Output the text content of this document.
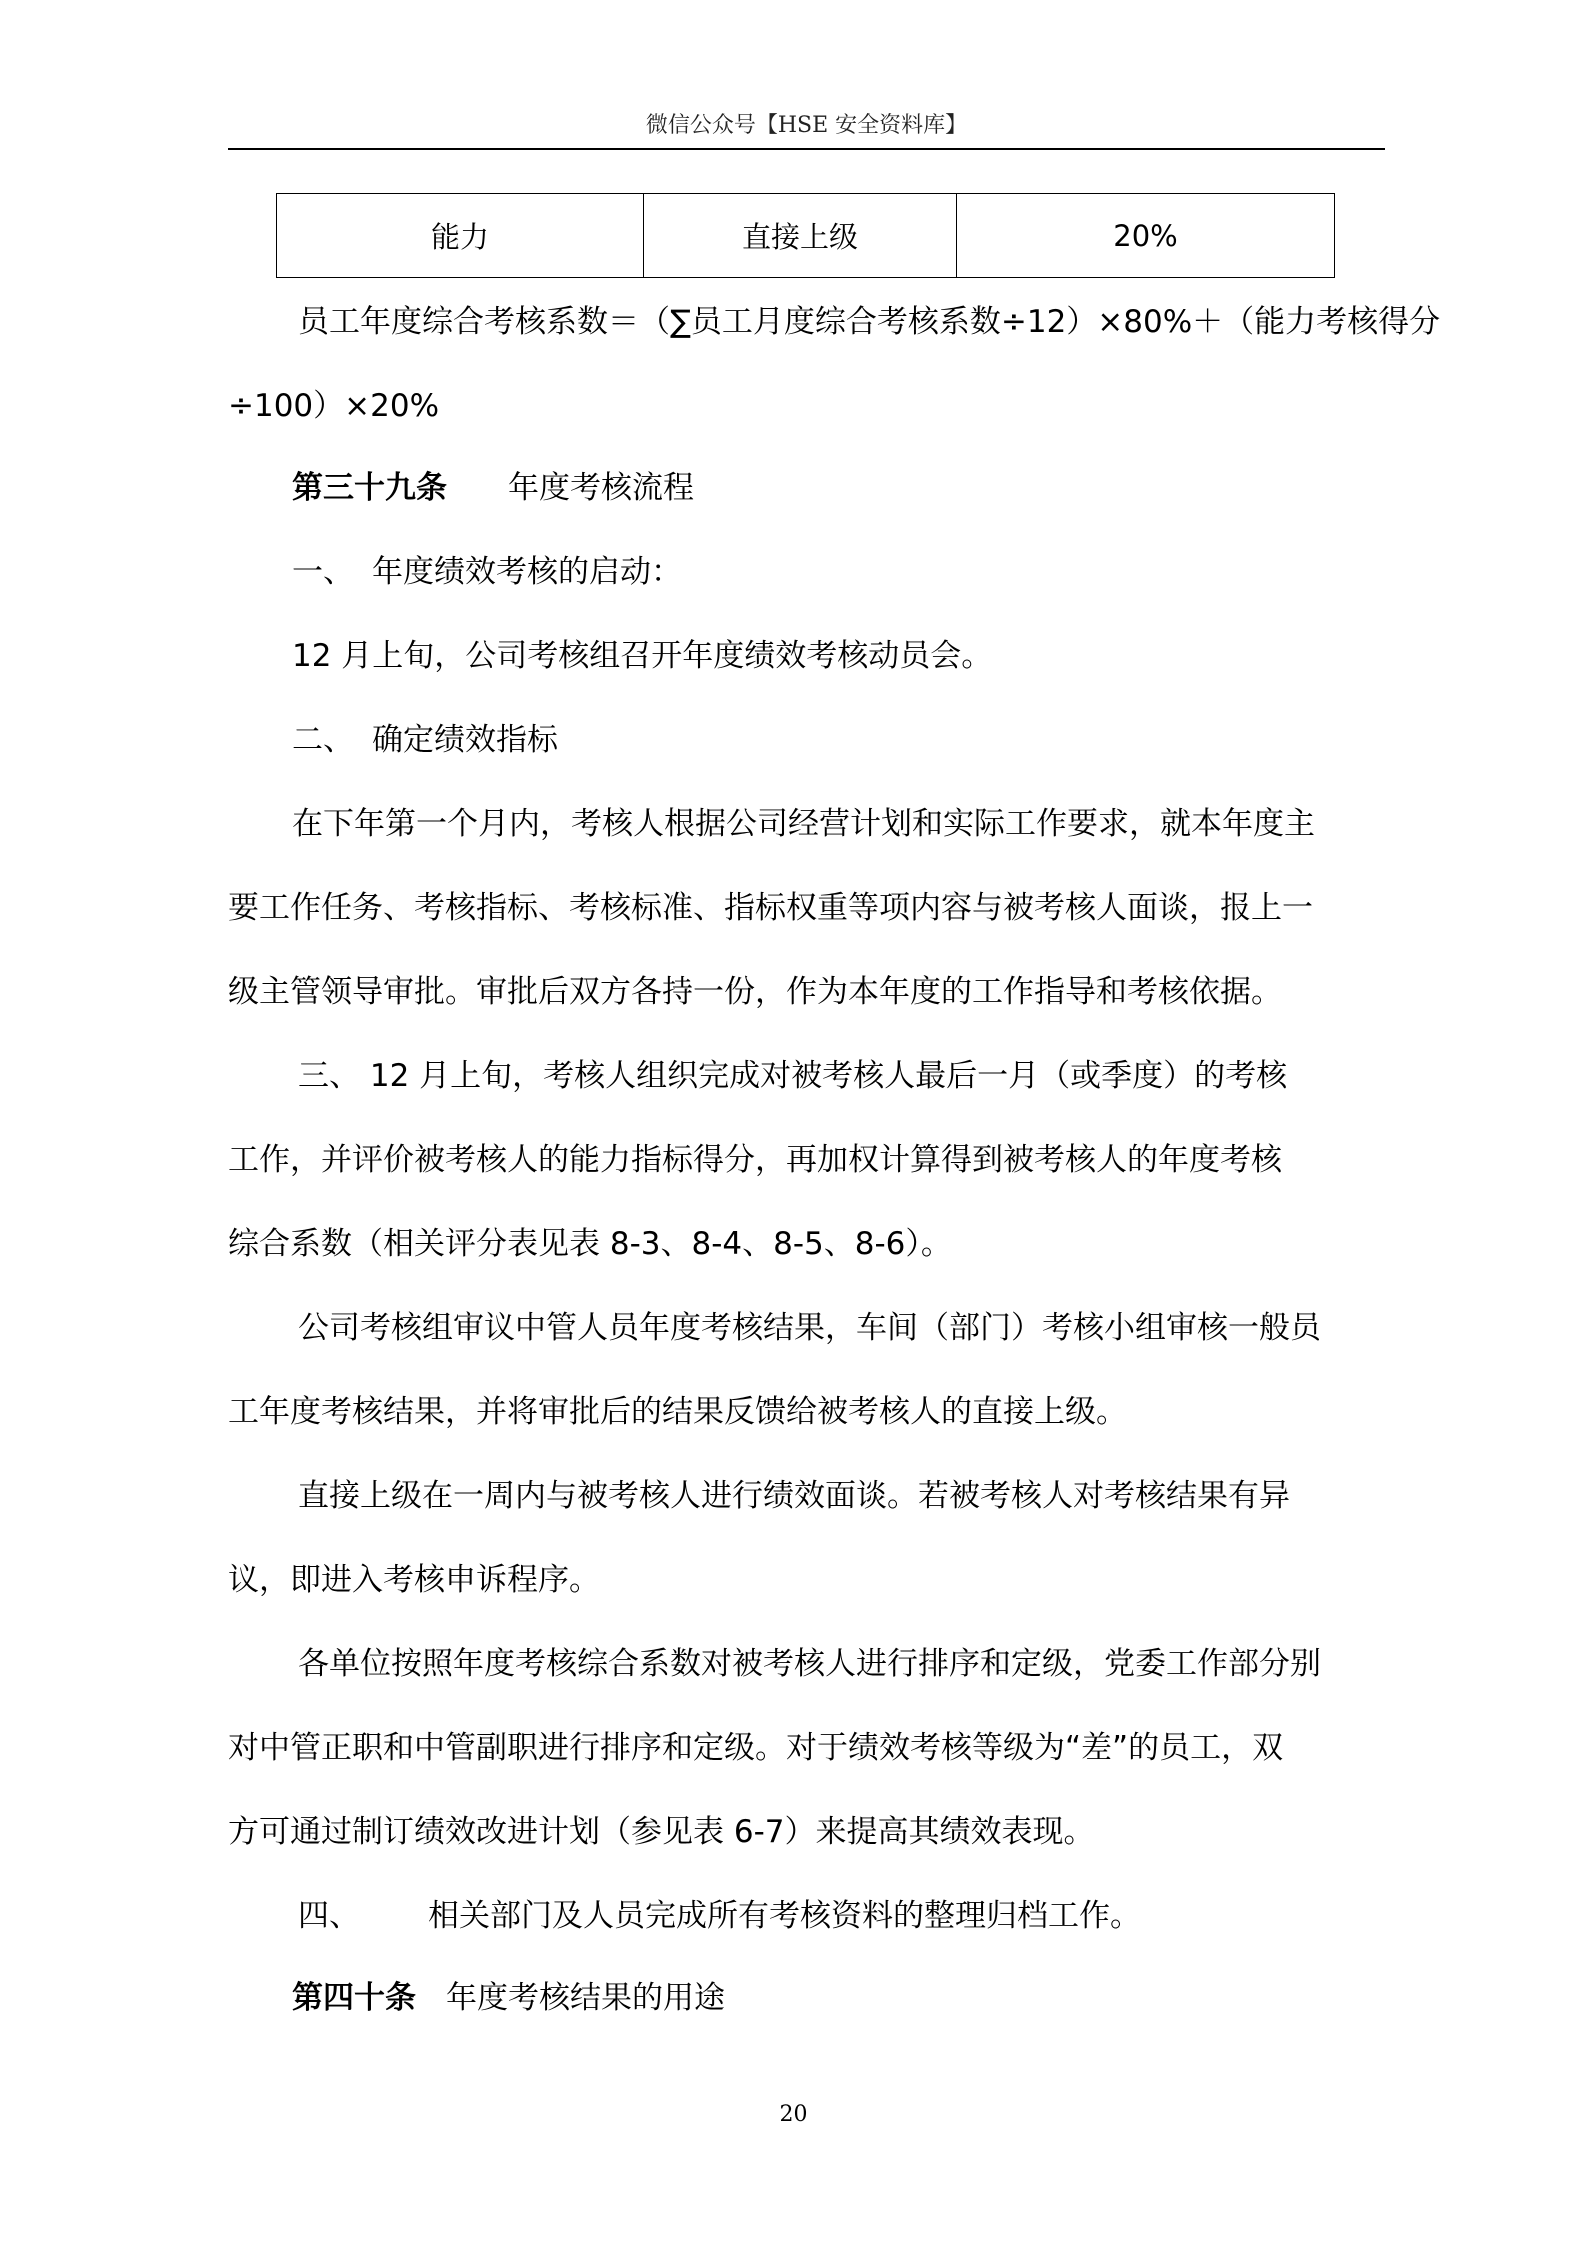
微信公众号【HSE 安全资料库】
能力	直接上级	20%
员工年度综合考核系数＝（∑员工月度综合考核系数÷12）×80%＋（能力考核得分
÷100）×20%
第三十九条 年度考核流程
一、 年度绩效考核的启动：
12 月上旬，公司考核组召开年度绩效考核动员会。
二、 确定绩效指标
在下年第一个月内，考核人根据公司经营计划和实际工作要求，就本年度主
要工作任务、考核指标、考核标准、指标权重等项内容与被考核人面谈，报上一
级主管领导审批。审批后双方各持一份，作为本年度的工作指导和考核依据。
三、 12 月上旬，考核人组织完成对被考核人最后一月（或季度）的考核
工作，并评价被考核人的能力指标得分，再加权计算得到被考核人的年度考核
综合系数（相关评分表见表 8-3、8-4、8-5、8-6）。
公司考核组审议中管人员年度考核结果，车间（部门）考核小组审核一般员
工年度考核结果，并将审批后的结果反馈给被考核人的直接上级。
直接上级在一周内与被考核人进行绩效面谈。若被考核人对考核结果有异
议，即进入考核申诉程序。
各单位按照年度考核综合系数对被考核人进行排序和定级，党委工作部分别
对中管正职和中管副职进行排序和定级。对于绩效考核等级为“差”的员工，双
方可通过制订绩效改进计划（参见表 6-7）来提高其绩效表现。
四、 相关部门及人员完成所有考核资料的整理归档工作。
第四十条 年度考核结果的用途
20
